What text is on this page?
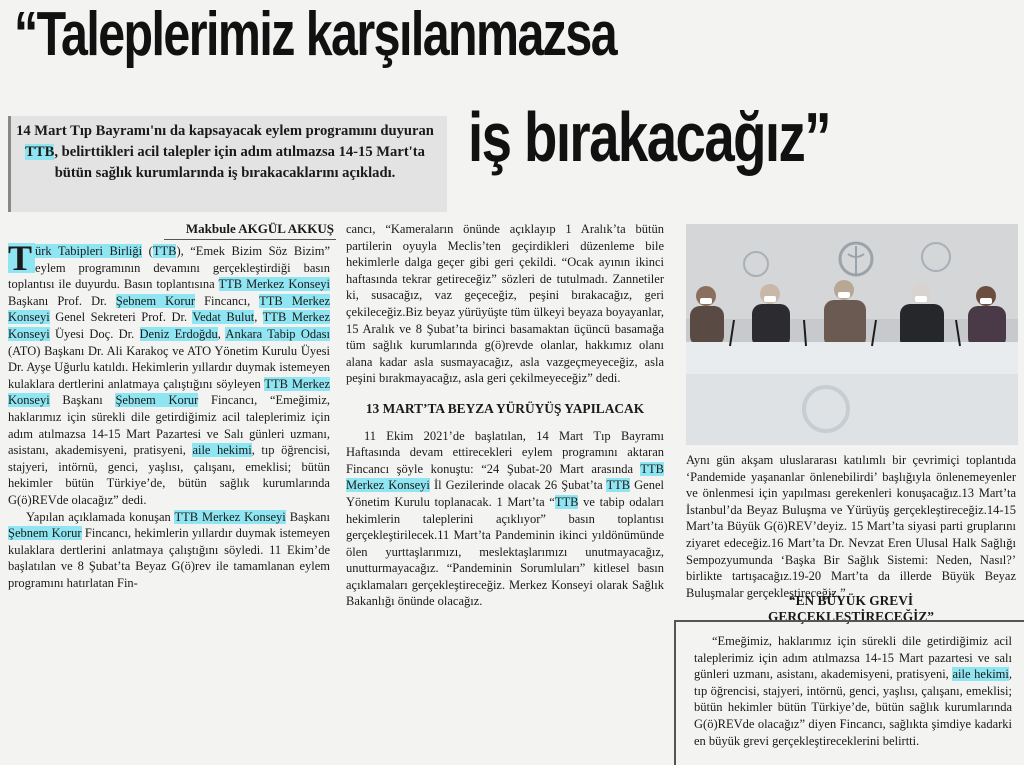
“Taleplerimiz karşılanmazsa
iş bırakacağız”
14 Mart Tıp Bayramı'nı da kapsayacak eylem programını duyuran TTB, belirttikleri acil talepler için adım atılmazsa 14-15 Mart'ta bütün sağlık kurumlarında iş bırakacaklarını açıkladı.
Makbule AKGÜL AKKUŞ

T ürk Tabipleri Birliği (TTB), “Emek Bizim Söz Bizim” eylem programının devamını gerçekleştirdiği basın toplantısı ile duyurdu. Basın toplantısına TTB Merkez Konseyi Başkanı Prof. Dr. Şebnem Korur Fincancı, TTB Merkez Konseyi Genel Sekreteri Prof. Dr. Vedat Bulut, TTB Merkez Konseyi Üyesi Doç. Dr. Deniz Erdoğdu, Ankara Tabip Odası (ATO) Başkanı Dr. Ali Karakoç ve ATO Yönetim Kurulu Üyesi Dr. Ayşe Uğurlu katıldı. Hekimlerin yıllardır duymak istemeyen kulaklara dertlerini anlatmaya çalıştığını söyleyen TTB Merkez Konseyi Başkanı Şebnem Korur Fincancı, “Emeğimiz, haklarımız için sürekli dile getirdiğimiz acil taleplerimiz için adım atılmazsa 14-15 Mart Pazartesi ve Salı günleri uzmanı, asistanı, akademisyeni, pratisyeni, aile hekimi, tıp öğrencisi, stajyeri, intörnü, genci, yaşlısı, çalışanı, emeklisi; bütün hekimler bütün Türkiye’de, bütün sağlık kurumlarında G(ö)REVde olacağız” dedi.

Yapılan açıklamada konuşan TTB Merkez Konseyi Başkanı Şebnem Korur Fincancı, hekimlerin yıllardır duymak istemeyen kulaklara dertlerini anlatmaya çalıştığını söyledi. 11 Ekim’de başlatılan ve 8 Şubat’ta Beyaz G(ö)rev ile tamamlanan eylem programını hatırlatan Fin-

cancı, “Kameraların önünde açıklayıp 1 Aralık’ta bütün partilerin oyuyla Meclis’ten geçirdikleri düzenleme bile hekimlerle dalga geçer gibi geri çekildi. “Ocak ayının ikinci haftasında tekrar getireceğiz” sözleri de tutulmadı. Zannetiler ki, susacağız, vaz geçeceğiz, peşini bırakacağız, geri çekileceğiz.Biz beyaz yürüyüşte tüm ülkeyi beyaza boyayanlar, 15 Aralık ve 8 Şubat’ta birinci basamaktan üçüncü basamağa tüm sağlık kurumlarında g(ö)revde olanlar, hakkımız olanı alana kadar asla susmayacağız, asla vazgeçmeyeceğiz, asla peşini bırakmayacağız, asla geri çekilmeyeceğiz” dedi.

13 MART’TA BEYZA YÜRÜYÜŞ YAPILACAK

11 Ekim 2021’de başlatılan, 14 Mart Tıp Bayramı Haftasında devam ettirecekleri eylem programını aktaran Fincancı şöyle konuştu: “24 Şubat-20 Mart arasında TTB Merkez Konseyi İl Gezilerinde olacak 26 Şubat’ta TTB Genel Yönetim Kurulu toplanacak. 1 Mart’ta “TTB ve tabip odaları hekimlerin taleplerini açıklıyor” basın toplantısı gerçekleştirilecek.11 Mart’ta Pandeminin ikinci yıldönümünde ölen yurttaşlarımızı, meslektaşlarımızı unutmayacağız, unutturmayacağız. “Pandeminin Sorumluları” kitlesel basın açıklamaları gerçekleştireceğiz. Merkez Konseyi olarak Sağlık Bakanlığı önünde olacağız.

Aynı gün akşam uluslararası katılımlı bir çevrimiçi toplantıda ‘Pandemide yaşananlar önlenebilirdi’ başlığıyla önlenemeyenler ve önlenmesi için yapılması gerekenleri konuşacağız.13 Mart’ta İstanbul’da Beyaz Buluşma ve Yürüyüş gerçekleştireceğiz.14-15 Mart’ta Büyük G(ö)REV’deyiz. 15 Mart’ta siyasi parti gruplarını ziyaret edeceğiz.16 Mart’ta Dr. Nevzat Eren Ulusal Halk Sağlığı Sempozyumunda ‘Başka Bir Sağlık Sistemi: Neden, Nasıl?’ birlikte tartışacağız.19-20 Mart’ta da illerde Büyük Beyaz Buluşmalar gerçekleştireceğiz.”

“EN BÜYÜK GREVİ
GERÇEKLEŞTİRECEĞİZ”

“Emeğimiz, haklarımız için sürekli dile getirdiğimiz acil taleplerimiz için adım atılmazsa 14-15 Mart pazartesi ve salı günleri uzmanı, asistanı, akademisyeni, pratisyeni, aile hekimi, tıp öğrencisi, stajyeri, intörnü, genci, yaşlısı, çalışanı, emeklisi; bütün hekimler bütün Türkiye’de, bütün sağlık kurumlarında G(ö)REVde olacağız” diyen Fincancı, sağlıkta şimdiye kadarki en büyük grevi gerçekleştireceklerini belirtti.
